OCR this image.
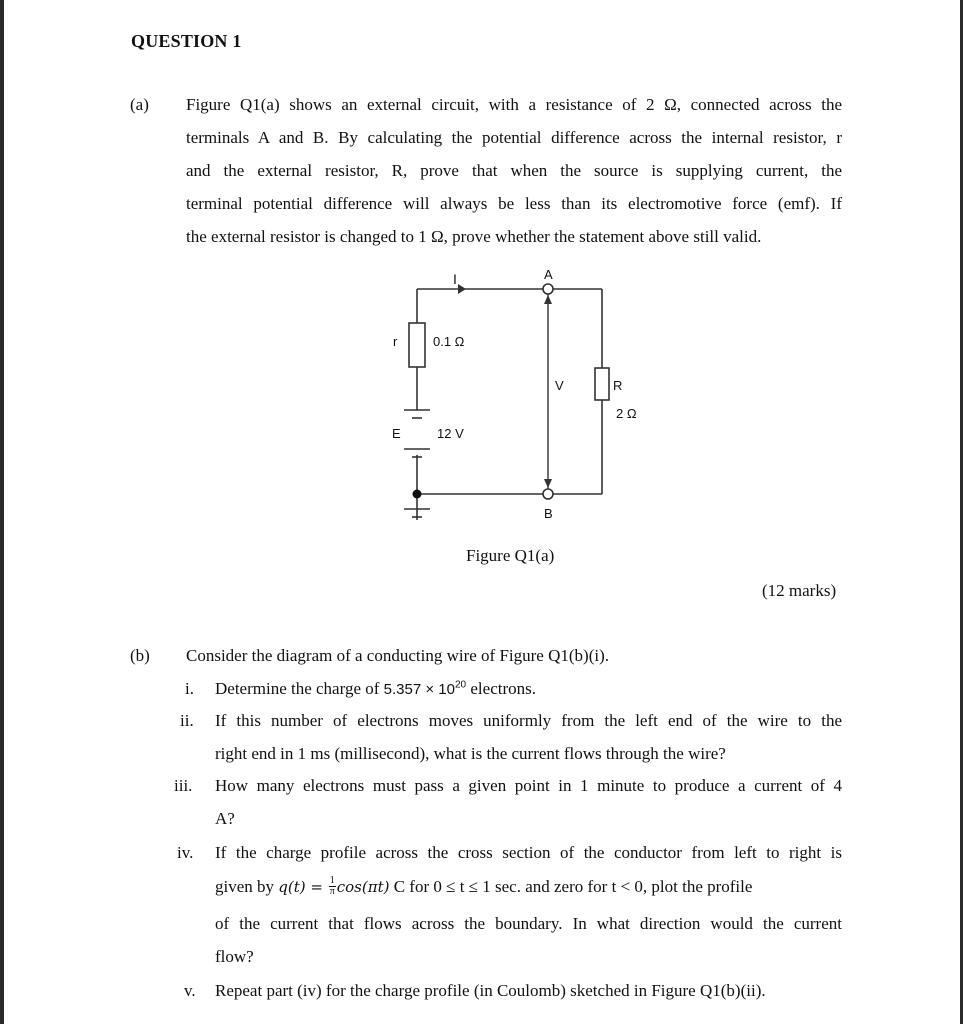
QUESTION 1
(a) Figure Q1(a) shows an external circuit, with a resistance of 2 Ω, connected across the
terminals A and B. By calculating the potential difference across the internal resistor, r
and the external resistor, R, prove that when the source is supplying current, the
terminal potential difference will always be less than its electromotive force (emf). If
the external resistor is changed to 1 Ω, prove whether the statement above still valid.
I	A
B
r	0.1 Ω
V	R
2 Ω
E	12 V
Figure Q1(a)
(12 marks)
(b) Consider the diagram of a conducting wire of Figure Q1(b)(i).
i. Determine the charge of $5.357 \times 10^{20}$ electrons.
ii. If this number of electrons moves uniformly from the left end of the wire to the
right end in 1 ms (millisecond), what is the current flows through the wire?
iii. How many electrons must pass a given point in 1 minute to produce a current of 4
A?
iv. If the charge profile across the cross section of the conductor from left to right is
given by $q(t) = \frac{1}{\pi} \cos(\pi t)$ C for 0 ≤ t ≤ 1 sec. and zero for t < 0, plot the profile
of the current that flows across the boundary. In what direction would the current
flow?
v. Repeat part (iv) for the charge profile (in Coulomb) sketched in Figure Q1(b)(ii).
